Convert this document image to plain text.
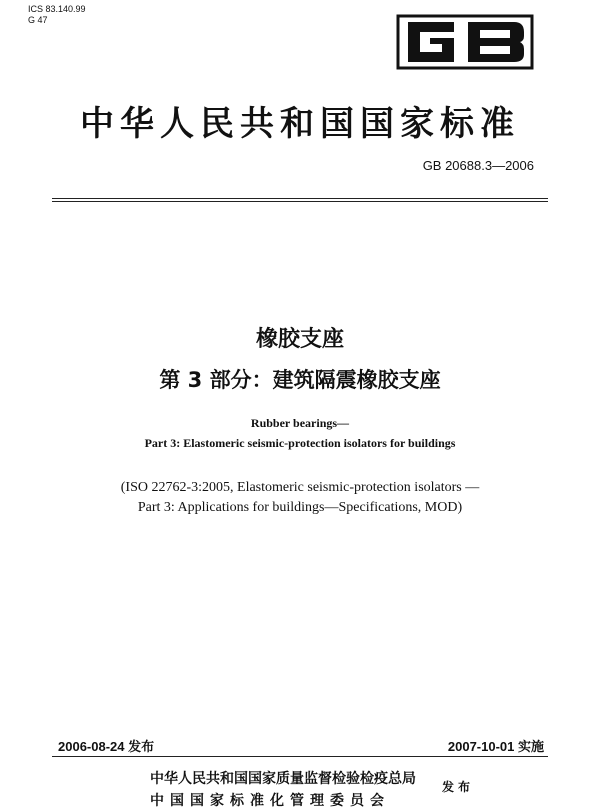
ICS 83.140.99
G 47
中华人民共和国国家标准
GB 20688.3—2006
橡胶支座
第 3 部分：建筑隔震橡胶支座
Rubber bearings—
Part 3: Elastomeric seismic-protection isolators for buildings
(ISO 22762-3:2005, Elastomeric seismic-protection isolators —
Part 3: Applications for buildings—Specifications, MOD)
2006-08-24 发布	2007-10-01 实施
中华人民共和国国家质量监督检验检疫总局
中国国家标准化管理委员会
发布
